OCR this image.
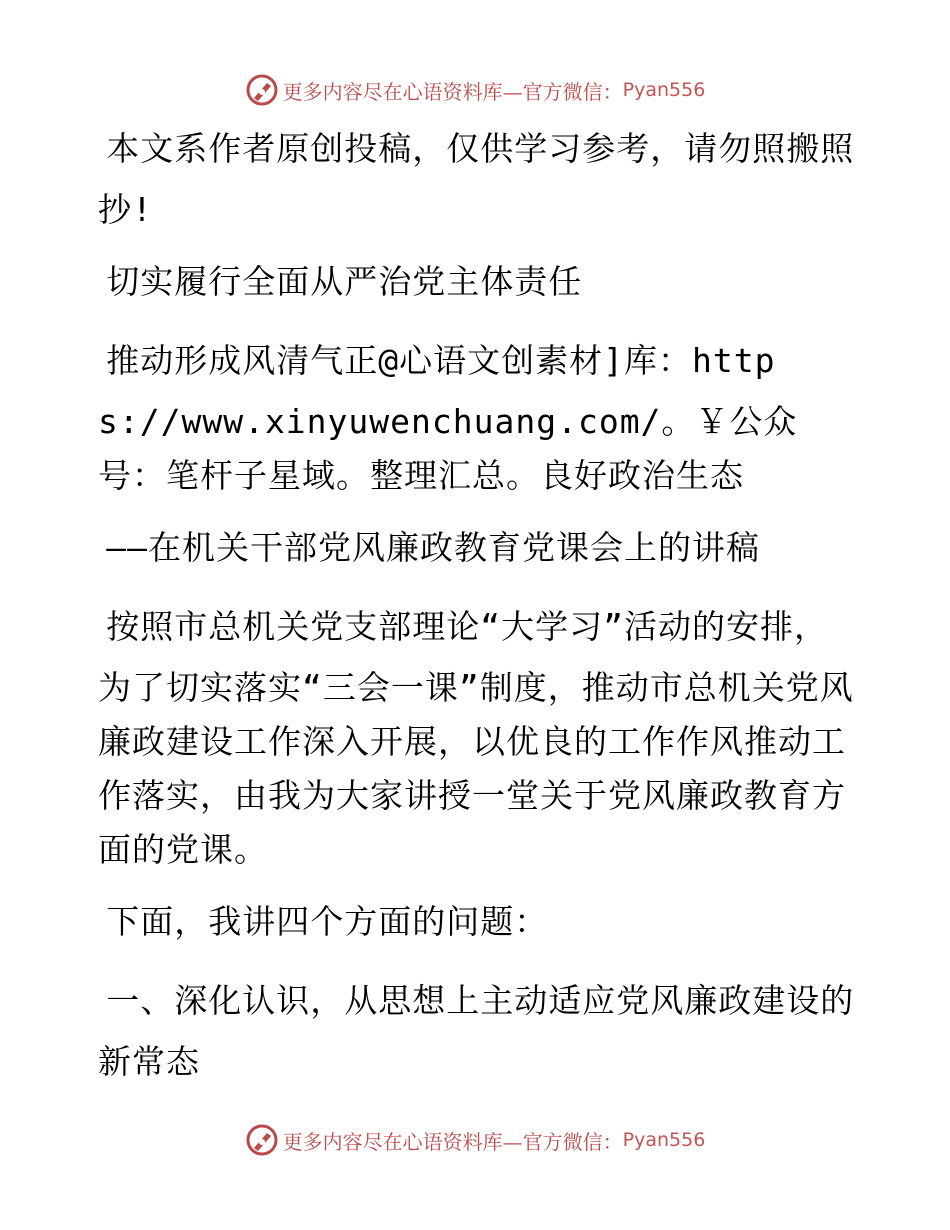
更多内容尽在心语资料库—官方微信： Pyan556

本文系作者原创投稿，仅供学习参考，请勿照搬照抄!

切实履行全面从严治党主体责任

推动形成风清气正@心语文创素材]库：https://www.xinyuwenchuang.com/。￥公众号：笔杆子星域。整理汇总。良好政治生态

——在机关干部党风廉政教育党课会上的讲稿

按照市总机关党支部理论“大学习”活动的安排，为了切实落实“三会一课”制度，推动市总机关党风廉政建设工作深入开展，以优良的工作作风推动工作落实，由我为大家讲授一堂关于党风廉政教育方面的党课。

下面，我讲四个方面的问题：

一、深化认识，从思想上主动适应党风廉政建设的新常态

更多内容尽在心语资料库—官方微信： Pyan556
